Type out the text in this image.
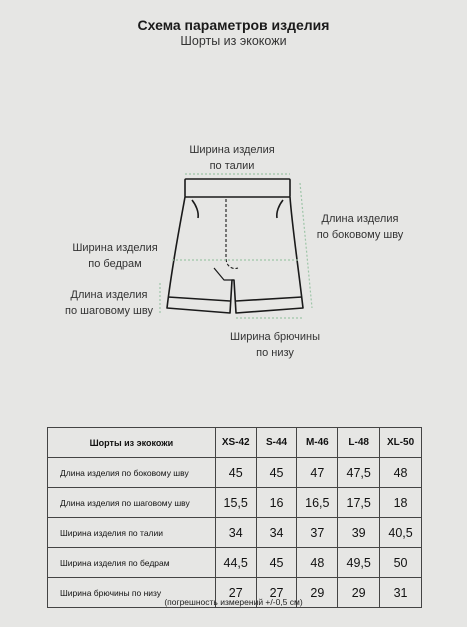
Схема параметров изделия
Шорты из экокожи
Ширина изделия
по талии
Длина изделия
по боковому шву
Ширина изделия
по бедрам
Длина изделия
по шаговому шву
Ширина брючины
по низу
Шорты из экокожи	XS-42	S-44	M-46	L-48	XL-50
Длина изделия по боковому шву	45	45	47	47,5	48
Длина изделия по шаговому шву	15,5	16	16,5	17,5	18
Ширина изделия по талии	34	34	37	39	40,5
Ширина изделия по бедрам	44,5	45	48	49,5	50
Ширина брючины по низу	27	27	29	29	31
(погрешность измерений +/-0,5 см)
